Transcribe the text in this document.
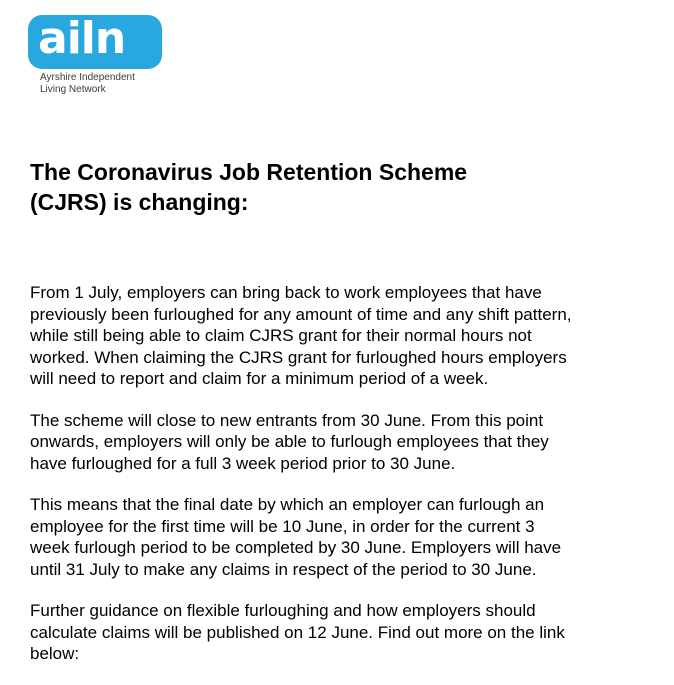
ailn
Ayrshire Independent
Living Network
The Coronavirus Job Retention Scheme
(CJRS) is changing:

From 1 July, employers can bring back to work employees that have
previously been furloughed for any amount of time and any shift pattern,
while still being able to claim CJRS grant for their normal hours not
worked. When claiming the CJRS grant for furloughed hours employers
will need to report and claim for a minimum period of a week.

The scheme will close to new entrants from 30 June. From this point
onwards, employers will only be able to furlough employees that they
have furloughed for a full 3 week period prior to 30 June.

This means that the final date by which an employer can furlough an
employee for the first time will be 10 June, in order for the current 3
week furlough period to be completed by 30 June. Employers will have
until 31 July to make any claims in respect of the period to 30 June.

Further guidance on flexible furloughing and how employers should
calculate claims will be published on 12 June. Find out more on the link
below:
